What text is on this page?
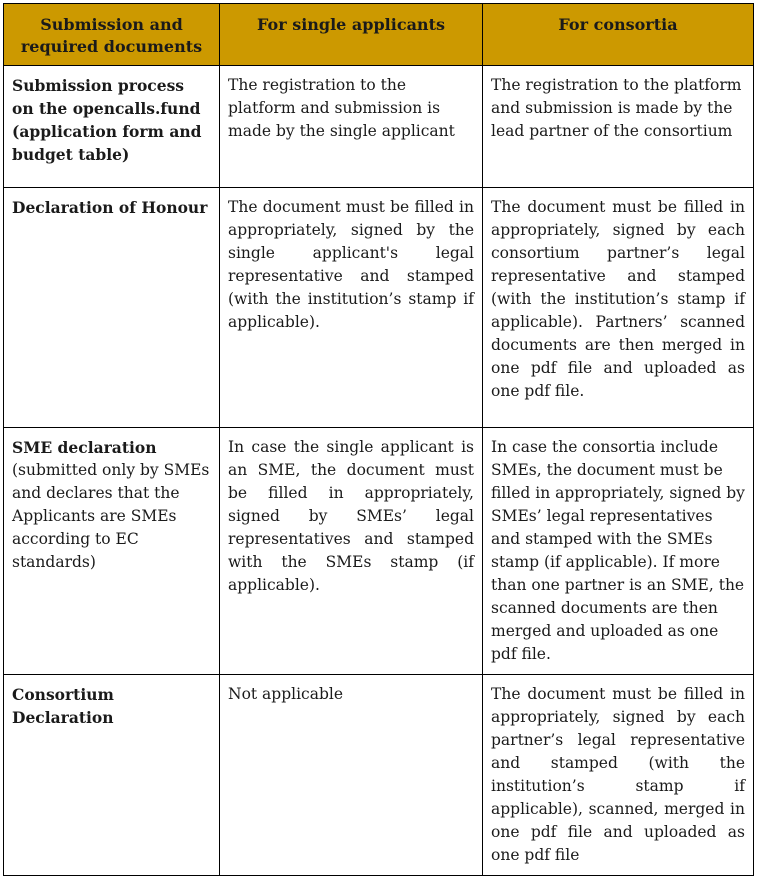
Submission and required documents	For single applicants	For consortia

Submission process on the opencalls.fund (application form and budget table)	The registration to the platform and submission is made by the single applicant	The registration to the platform and submission is made by the lead partner of the consortium

Declaration of Honour	The document must be filled in appropriately, signed by the single applicant's legal representative and stamped (with the institution’s stamp if applicable).	The document must be filled in appropriately, signed by each consortium partner’s legal representative and stamped (with the institution’s stamp if applicable). Partners’ scanned documents are then merged in one pdf file and uploaded as one pdf file.

SME declaration
(submitted only by SMEs and declares that the Applicants are SMEs according to EC standards)	In case the single applicant is an SME, the document must be filled in appropriately, signed by SMEs’ legal representatives and stamped with the SMEs stamp (if applicable).	In case the consortia include SMEs, the document must be filled in appropriately, signed by SMEs’ legal representatives and stamped with the SMEs stamp (if applicable). If more than one partner is an SME, the scanned documents are then merged and uploaded as one pdf file.

Consortium Declaration	Not applicable	The document must be filled in appropriately, signed by each partner’s legal representative and stamped (with the institution’s stamp if applicable), scanned, merged in one pdf file and uploaded as one pdf file
